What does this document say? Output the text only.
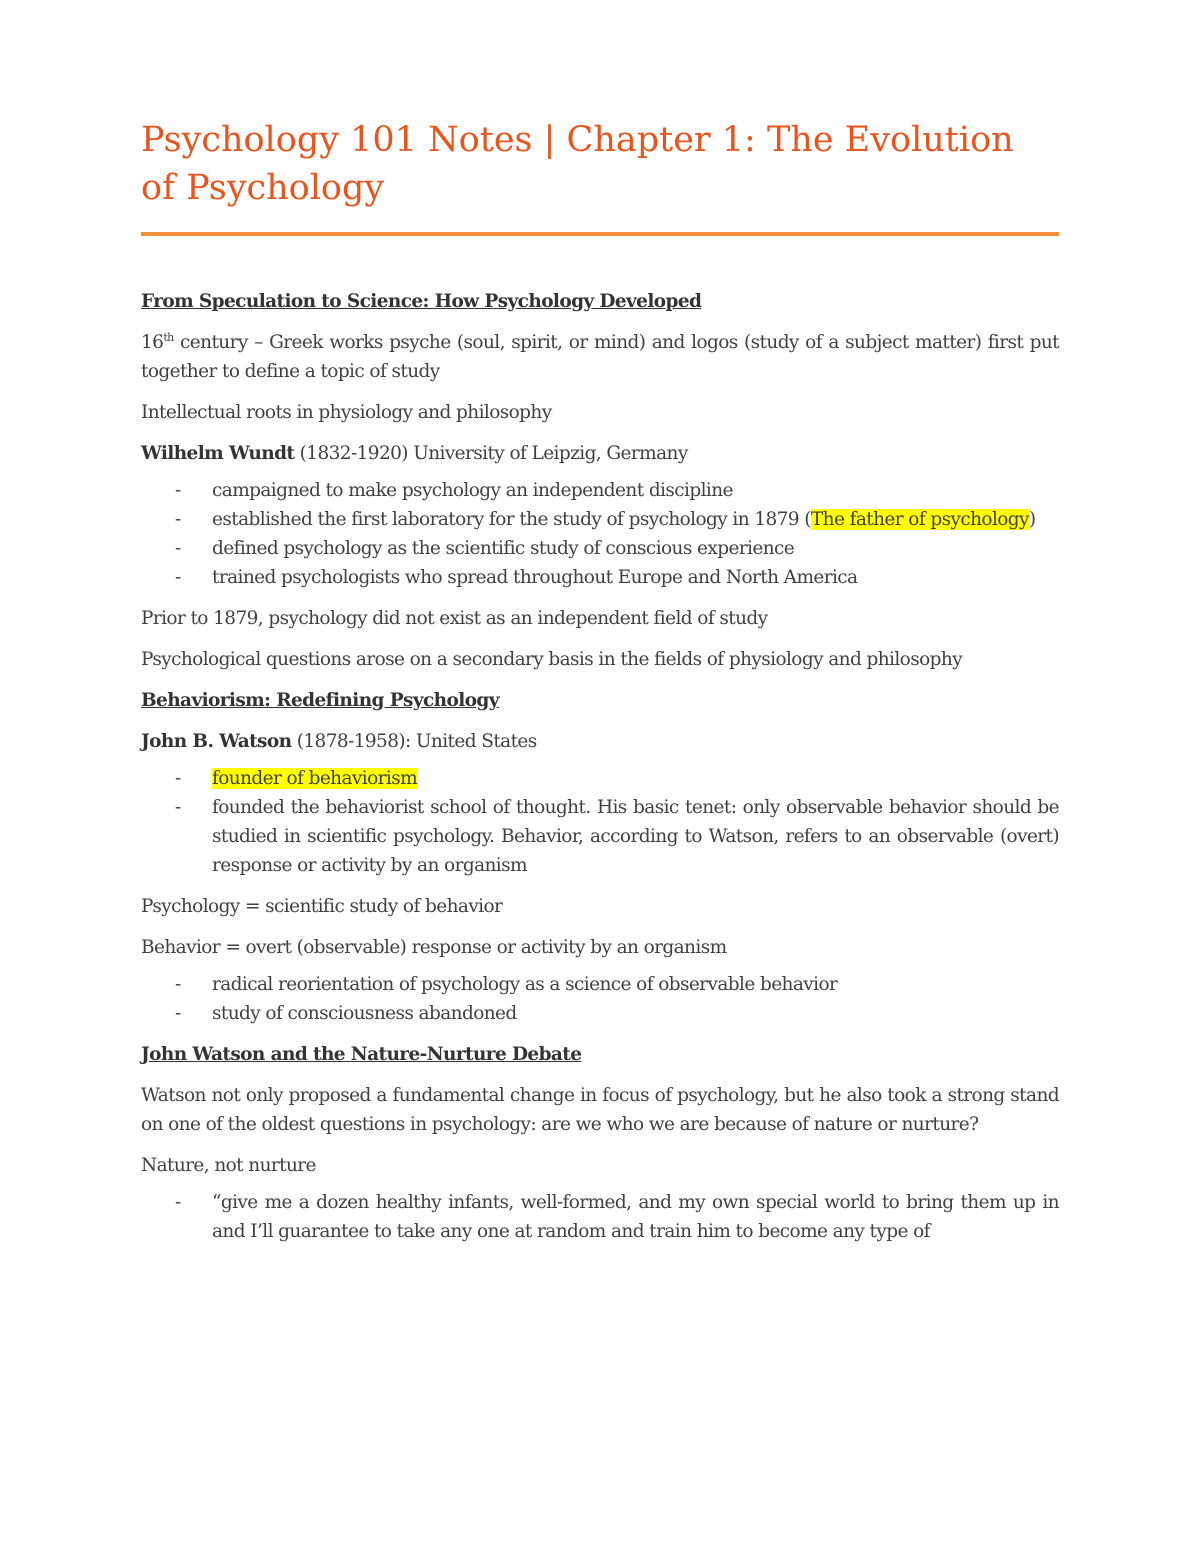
Psychology 101 Notes | Chapter 1: The Evolution of Psychology

From Speculation to Science: How Psychology Developed

16th century – Greek works psyche (soul, spirit, or mind) and logos (study of a subject matter) first put together to define a topic of study

Intellectual roots in physiology and philosophy

Wilhelm Wundt (1832-1920) University of Leipzig, Germany

- campaigned to make psychology an independent discipline
- established the first laboratory for the study of psychology in 1879 (The father of psychology)
- defined psychology as the scientific study of conscious experience
- trained psychologists who spread throughout Europe and North America

Prior to 1879, psychology did not exist as an independent field of study

Psychological questions arose on a secondary basis in the fields of physiology and philosophy

Behaviorism: Redefining Psychology

John B. Watson (1878-1958): United States

- founder of behaviorism
- founded the behaviorist school of thought. His basic tenet: only observable behavior should be studied in scientific psychology. Behavior, according to Watson, refers to an observable (overt) response or activity by an organism

Psychology = scientific study of behavior

Behavior = overt (observable) response or activity by an organism

- radical reorientation of psychology as a science of observable behavior
- study of consciousness abandoned

John Watson and the Nature-Nurture Debate

Watson not only proposed a fundamental change in focus of psychology, but he also took a strong stand on one of the oldest questions in psychology: are we who we are because of nature or nurture?

Nature, not nurture

- “give me a dozen healthy infants, well-formed, and my own special world to bring them up in and I’ll guarantee to take any one at random and train him to become any type of
